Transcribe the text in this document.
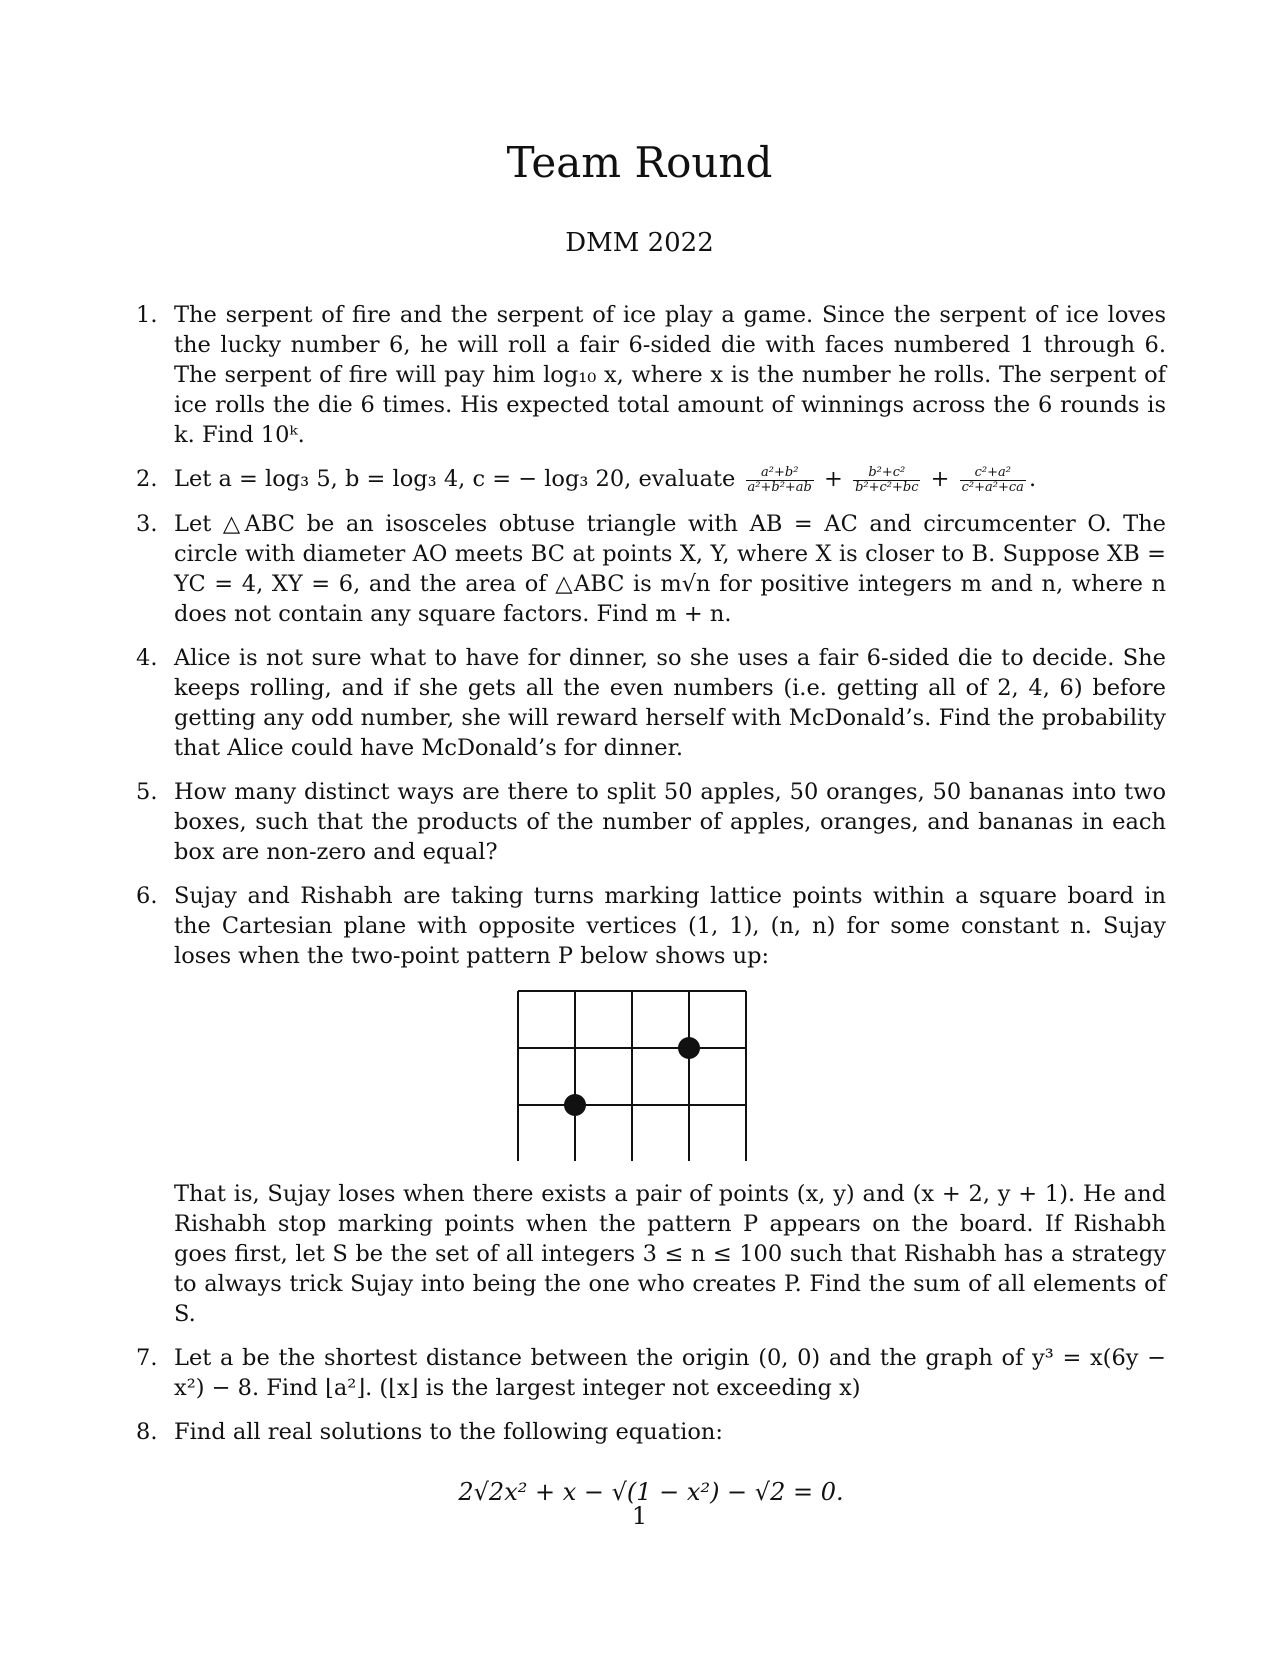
Team Round
DMM 2022
1. The serpent of fire and the serpent of ice play a game. Since the serpent of ice loves the lucky number 6, he will roll a fair 6-sided die with faces numbered 1 through 6. The serpent of fire will pay him log₁₀ x, where x is the number he rolls. The serpent of ice rolls the die 6 times. His expected total amount of winnings across the 6 rounds is k. Find 10ᵏ.
2. Let a = log₃ 5, b = log₃ 4, c = − log₃ 20, evaluate $\frac{\text{a²+b²}}{\text{a²+b²+ab}} + \frac{\text{b²+c²}}{\text{b²+c²+bc}} + \frac{\text{c²+a²}}{\text{c²+a²+ca}}$ .
3. Let △ABC be an isosceles obtuse triangle with AB = AC and circumcenter O. The circle with diameter AO meets BC at points X, Y, where X is closer to B. Suppose XB = YC = 4, XY = 6, and the area of △ABC is m√n for positive integers m and n, where n does not contain any square factors. Find m + n.
4. Alice is not sure what to have for dinner, so she uses a fair 6-sided die to decide. She keeps rolling, and if she gets all the even numbers (i.e. getting all of 2, 4, 6) before getting any odd number, she will reward herself with McDonald’s. Find the probability that Alice could have McDonald’s for dinner.
5. How many distinct ways are there to split 50 apples, 50 oranges, 50 bananas into two boxes, such that the products of the number of apples, oranges, and bananas in each box are non-zero and equal?
6. Sujay and Rishabh are taking turns marking lattice points within a square board in the Cartesian plane with opposite vertices (1, 1), (n, n) for some constant n. Sujay loses when the two-point pattern P below shows up:
That is, Sujay loses when there exists a pair of points (x, y) and (x + 2, y + 1). He and Rishabh stop marking points when the pattern P appears on the board. If Rishabh goes first, let S be the set of all integers 3 ≤ n ≤ 100 such that Rishabh has a strategy to always trick Sujay into being the one who creates P. Find the sum of all elements of S.
7. Let a be the shortest distance between the origin (0, 0) and the graph of y³ = x(6y − x²) − 8. Find ⌊a²⌋. (⌊x⌋ is the largest integer not exceeding x)
8. Find all real solutions to the following equation:
2√2x² + x − √(1 − x²) − √2 = 0.
1
